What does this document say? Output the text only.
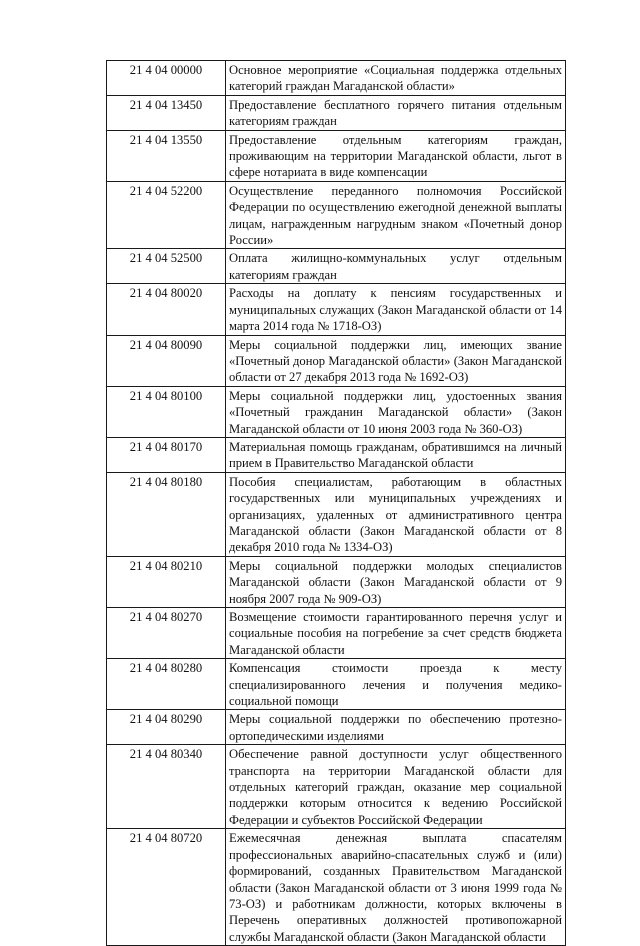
21 4 04 00000	Основное мероприятие «Социальная поддержка отдельных категорий граждан Магаданской области»
21 4 04 13450	Предоставление бесплатного горячего питания отдельным категориям граждан
21 4 04 13550	Предоставление отдельным категориям граждан, проживающим на территории Магаданской области, льгот в сфере нотариата в виде компенсации
21 4 04 52200	Осуществление переданного полномочия Российской Федерации по осуществлению ежегодной денежной выплаты лицам, награжденным нагрудным знаком «Почетный донор России»
21 4 04 52500	Оплата жилищно-коммунальных услуг отдельным категориям граждан
21 4 04 80020	Расходы на доплату к пенсиям государственных и муниципальных служащих (Закон Магаданской области от 14 марта 2014 года № 1718-ОЗ)
21 4 04 80090	Меры социальной поддержки лиц, имеющих звание «Почетный донор Магаданской области» (Закон Магаданской области от 27 декабря 2013 года № 1692-ОЗ)
21 4 04 80100	Меры социальной поддержки лиц, удостоенных звания «Почетный гражданин Магаданской области» (Закон Магаданской области от 10 июня 2003 года № 360-ОЗ)
21 4 04 80170	Материальная помощь гражданам, обратившимся на личный прием в Правительство Магаданской области
21 4 04 80180	Пособия специалистам, работающим в областных государственных или муниципальных учреждениях и организациях, удаленных от административного центра Магаданской области (Закон Магаданской области от 8 декабря 2010 года № 1334-ОЗ)
21 4 04 80210	Меры социальной поддержки молодых специалистов Магаданской области (Закон Магаданской области от 9 ноября 2007 года № 909-ОЗ)
21 4 04 80270	Возмещение стоимости гарантированного перечня услуг и социальные пособия на погребение за счет средств бюджета Магаданской области
21 4 04 80280	Компенсация стоимости проезда к месту специализированного лечения и получения медико-социальной помощи
21 4 04 80290	Меры социальной поддержки по обеспечению протезно-ортопедическими изделиями
21 4 04 80340	Обеспечение равной доступности услуг общественного транспорта на территории Магаданской области для отдельных категорий граждан, оказание мер социальной поддержки которым относится к ведению Российской Федерации и субъектов Российской Федерации
21 4 04 80720	Ежемесячная денежная выплата спасателям профессиональных аварийно-спасательных служб и (или) формирований, созданных Правительством Магаданской области (Закон Магаданской области от 3 июня 1999 года № 73-ОЗ) и работникам должности, которых включены в Перечень оперативных должностей противопожарной службы Магаданской области (Закон Магаданской области
